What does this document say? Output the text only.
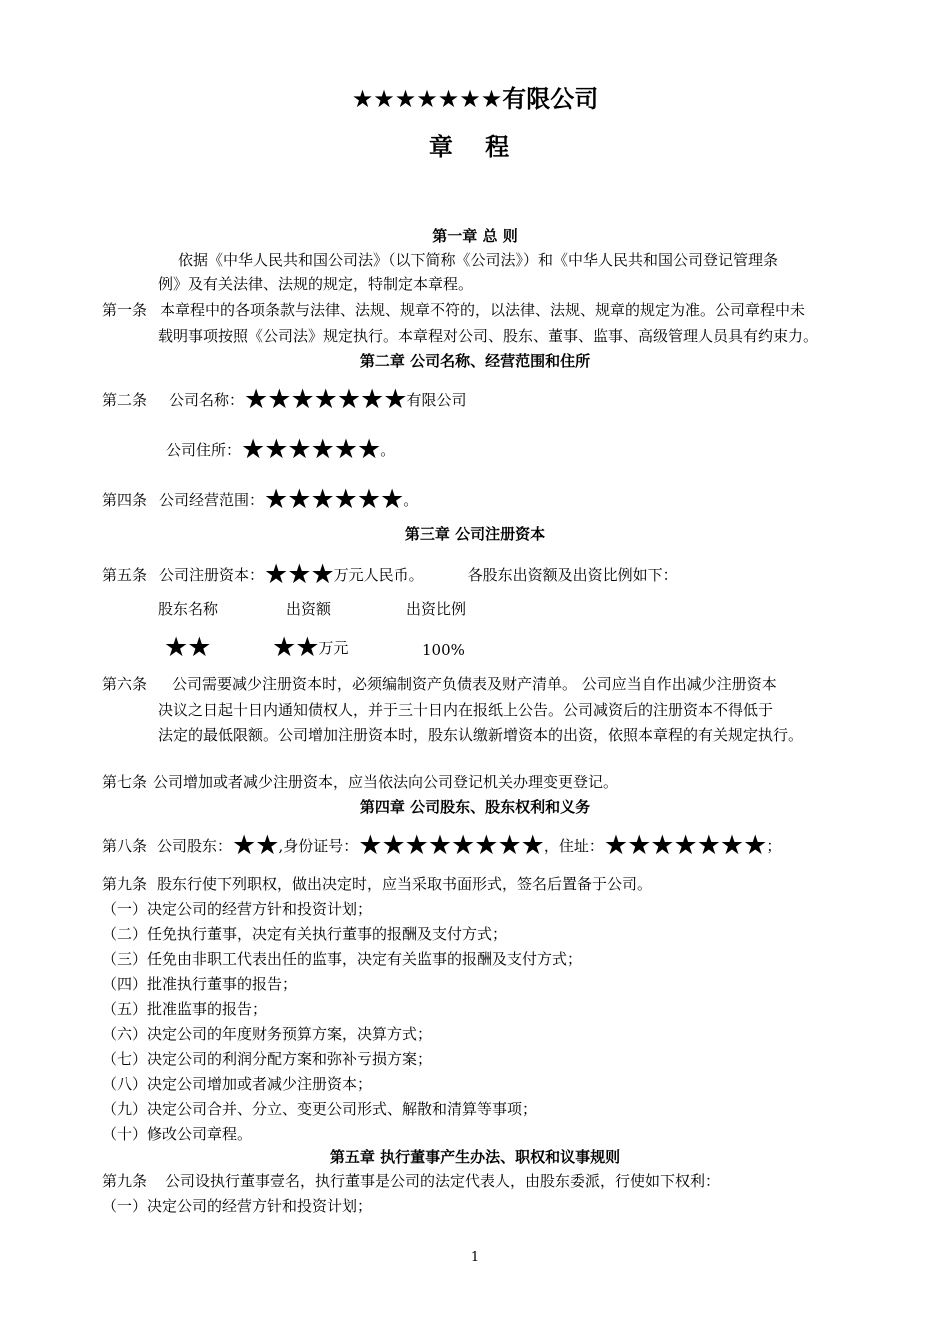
★★★★★★★有限公司
章 程
第一章 总 则
依据《中华人民共和国公司法》（以下简称《公司法》）和《中华人民共和国公司登记管理条
例》及有关法律、法规的规定，特制定本章程。
第一条 本章程中的各项条款与法律、法规、规章不符的，以法律、法规、规章的规定为准。公司章程中未
载明事项按照《公司法》规定执行。本章程对公司、股东、董事、监事、高级管理人员具有约束力。
第二章 公司名称、经营范围和住所
第二条 公司名称：★★★★★★★有限公司
公司住所：★★★★★★。
第四条 公司经营范围：★★★★★★。
第三章 公司注册资本
第五条 公司注册资本：★★★万元人民币。	各股东出资额及出资比例如下：
股东名称	出资额	出资比例
★★ ★★万元	100%
第六条 公司需要减少注册资本时，必须编制资产负债表及财产清单。 公司应当自作出减少注册资本
决议之日起十日内通知债权人，并于三十日内在报纸上公告。公司减资后的注册资本不得低于
法定的最低限额。公司增加注册资本时，股东认缴新增资本的出资，依照本章程的有关规定执行。
第七条 公司增加或者减少注册资本，应当依法向公司登记机关办理变更登记。
第四章 公司股东、股东权利和义务
第八条 公司股东：★★,身份证号：★★★★★★★★，住址：★★★★★★★；
第九条 股东行使下列职权，做出决定时，应当采取书面形式，签名后置备于公司。
（一）决定公司的经营方针和投资计划；
（二）任免执行董事，决定有关执行董事的报酬及支付方式；
（三）任免由非职工代表出任的监事，决定有关监事的报酬及支付方式；
（四）批准执行董事的报告；
（五）批准监事的报告；
（六）决定公司的年度财务预算方案，决算方式；
（七）决定公司的利润分配方案和弥补亏损方案；
（八）决定公司增加或者减少注册资本；
（九）决定公司合并、分立、变更公司形式、解散和清算等事项；
（十）修改公司章程。
第五章 执行董事产生办法、职权和议事规则
第九条 公司设执行董事壹名，执行董事是公司的法定代表人，由股东委派，行使如下权利：
（一）决定公司的经营方针和投资计划；
1
